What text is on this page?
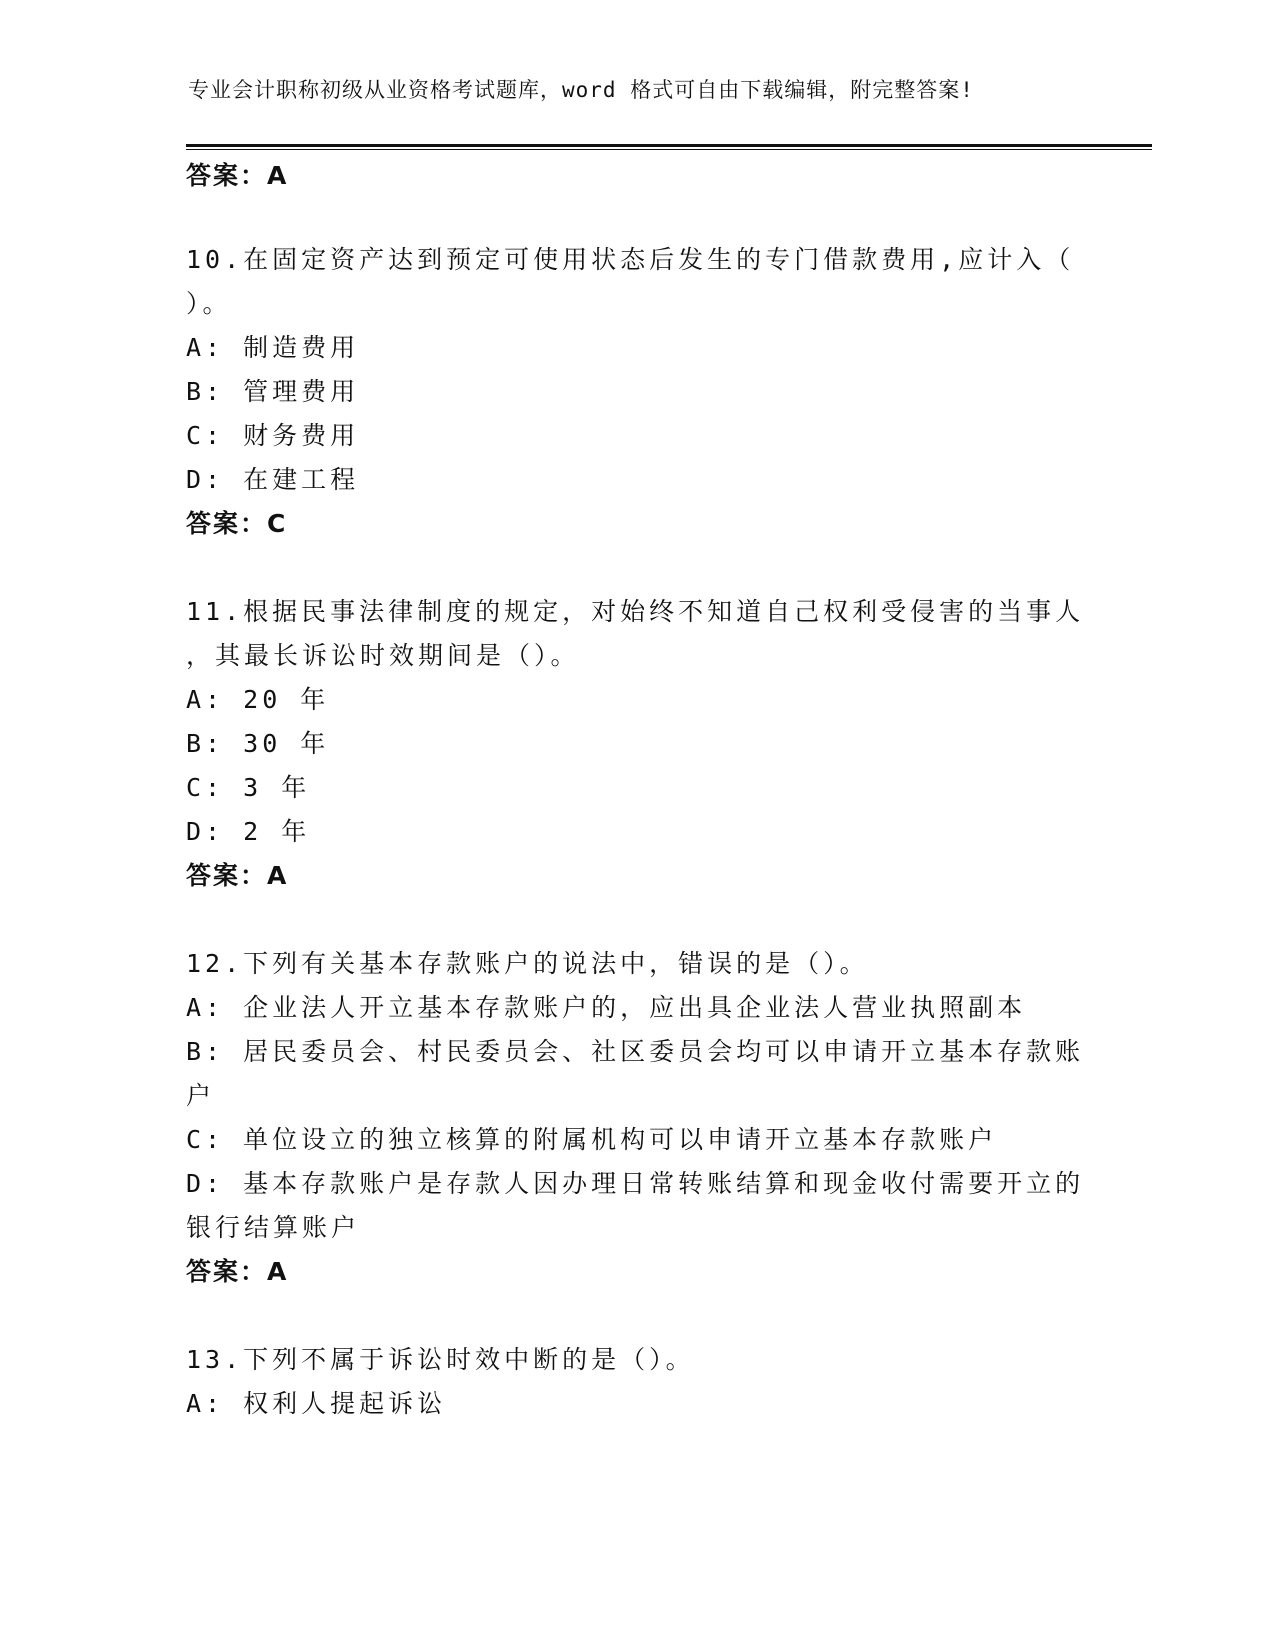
专业会计职称初级从业资格考试题库，word 格式可自由下载编辑，附完整答案!
答案：A
10.在固定资产达到预定可使用状态后发生的专门借款费用,应计入（
）。
A: 制造费用
B: 管理费用
C: 财务费用
D: 在建工程
答案：C
11.根据民事法律制度的规定，对始终不知道自己权利受侵害的当事人
，其最长诉讼时效期间是（）。
A: 20 年
B: 30 年
C: 3 年
D: 2 年
答案：A
12.下列有关基本存款账户的说法中，错误的是（）。
A: 企业法人开立基本存款账户的，应出具企业法人营业执照副本
B: 居民委员会、村民委员会、社区委员会均可以申请开立基本存款账
户
C: 单位设立的独立核算的附属机构可以申请开立基本存款账户
D: 基本存款账户是存款人因办理日常转账结算和现金收付需要开立的
银行结算账户
答案：A
13.下列不属于诉讼时效中断的是（）。
A: 权利人提起诉讼
